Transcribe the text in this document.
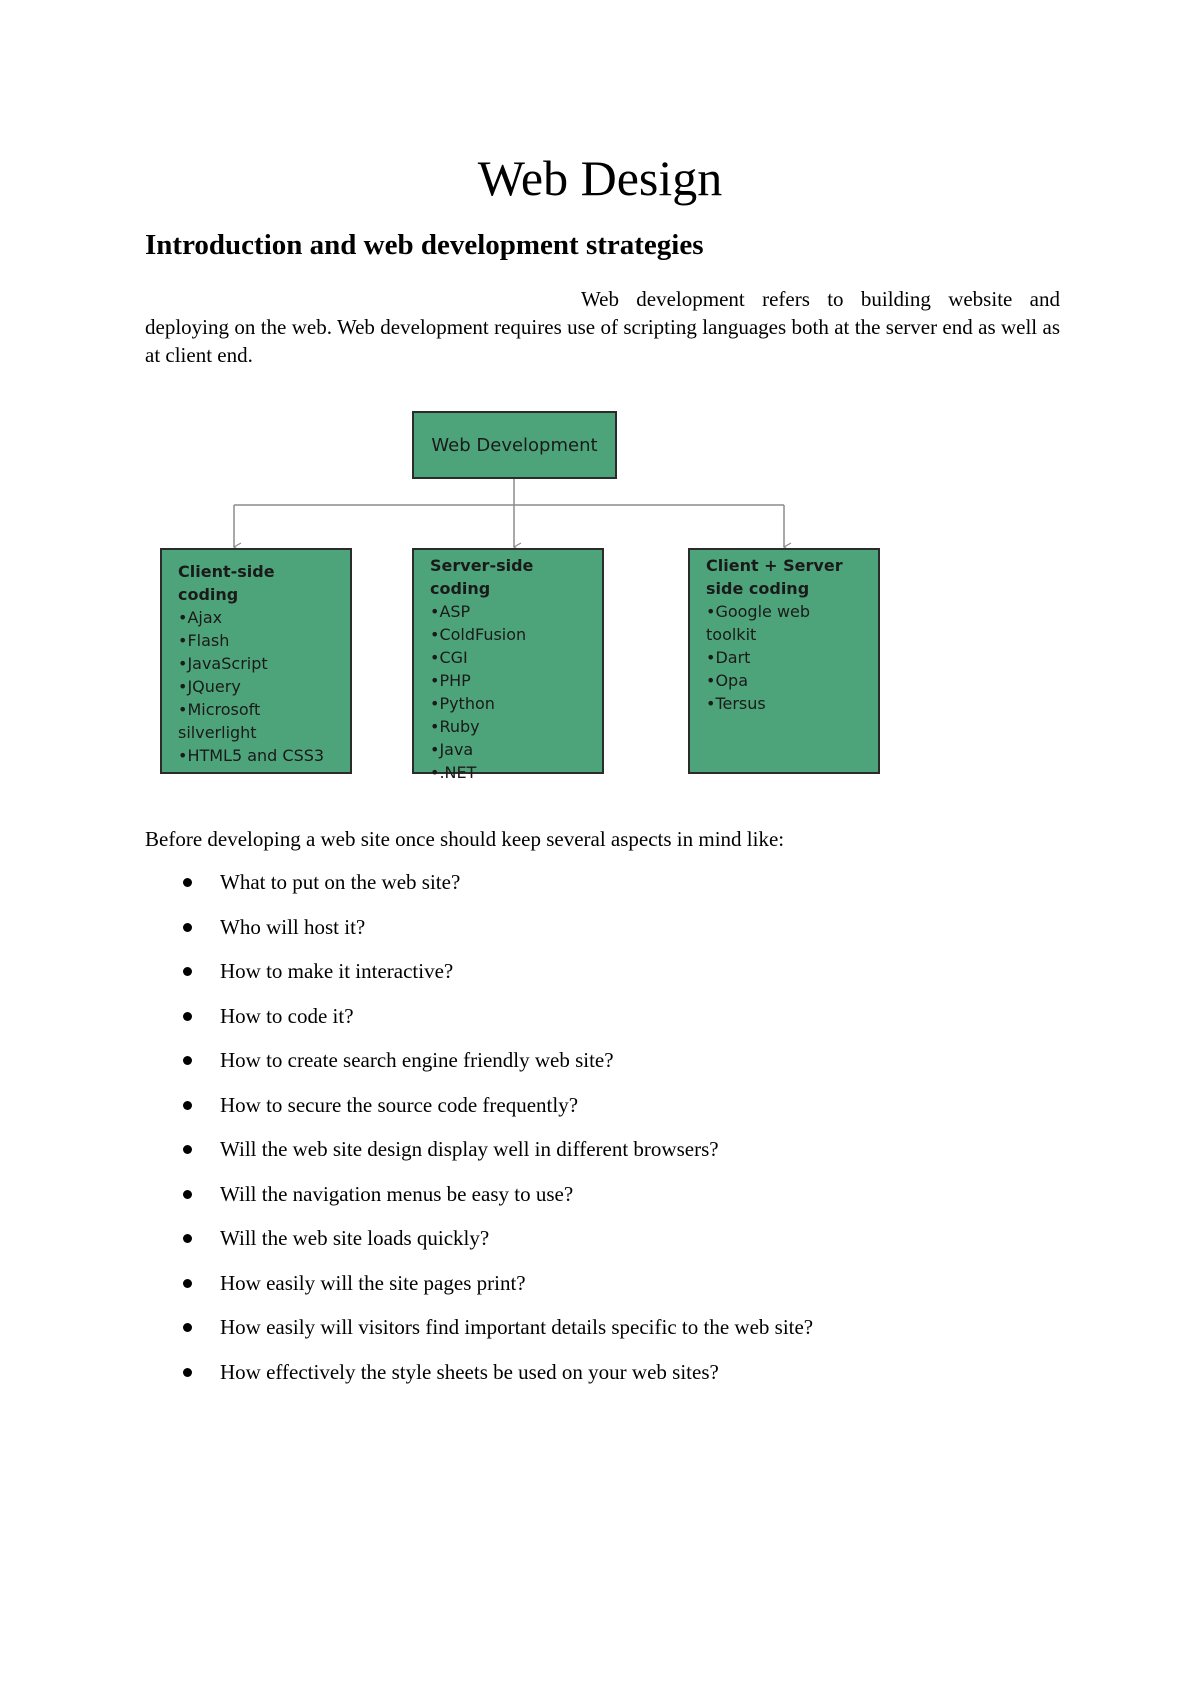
Web Design
Introduction and web development strategies

Web development refers to building website and deploying on the web. Web development requires use of scripting languages both at the server end as well as at client end.

Web Development
Client-side coding
•Ajax
•Flash
•JavaScript
•JQuery
•Microsoft silverlight
•HTML5 and CSS3
Server-side coding
•ASP
•ColdFusion
•CGI
•PHP
•Python
•Ruby
•Java
•.NET
Client + Server side coding
•Google web toolkit
•Dart
•Opa
•Tersus

Before developing a web site once should keep several aspects in mind like:

What to put on the web site?
Who will host it?
How to make it interactive?
How to code it?
How to create search engine friendly web site?
How to secure the source code frequently?
Will the web site design display well in different browsers?
Will the navigation menus be easy to use?
Will the web site loads quickly?
How easily will the site pages print?
How easily will visitors find important details specific to the web site?
How effectively the style sheets be used on your web sites?
